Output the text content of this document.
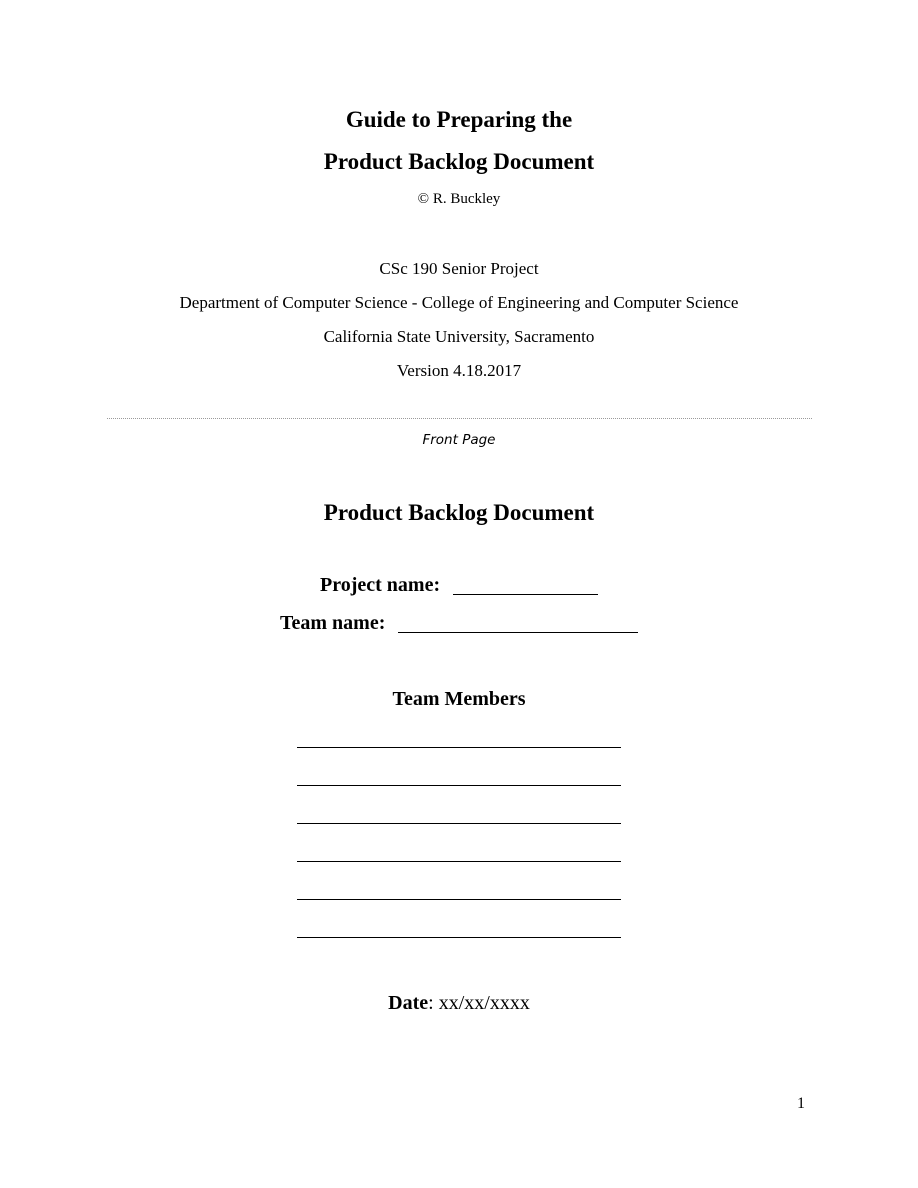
Guide to Preparing the
Product Backlog Document
© R. Buckley
CSc 190 Senior Project
Department of Computer Science - College of Engineering and Computer Science
California State University, Sacramento
Version 4.18.2017
Front Page
Product Backlog Document
Project name:
Team name:
Team Members
Date: xx/xx/xxxx
1
